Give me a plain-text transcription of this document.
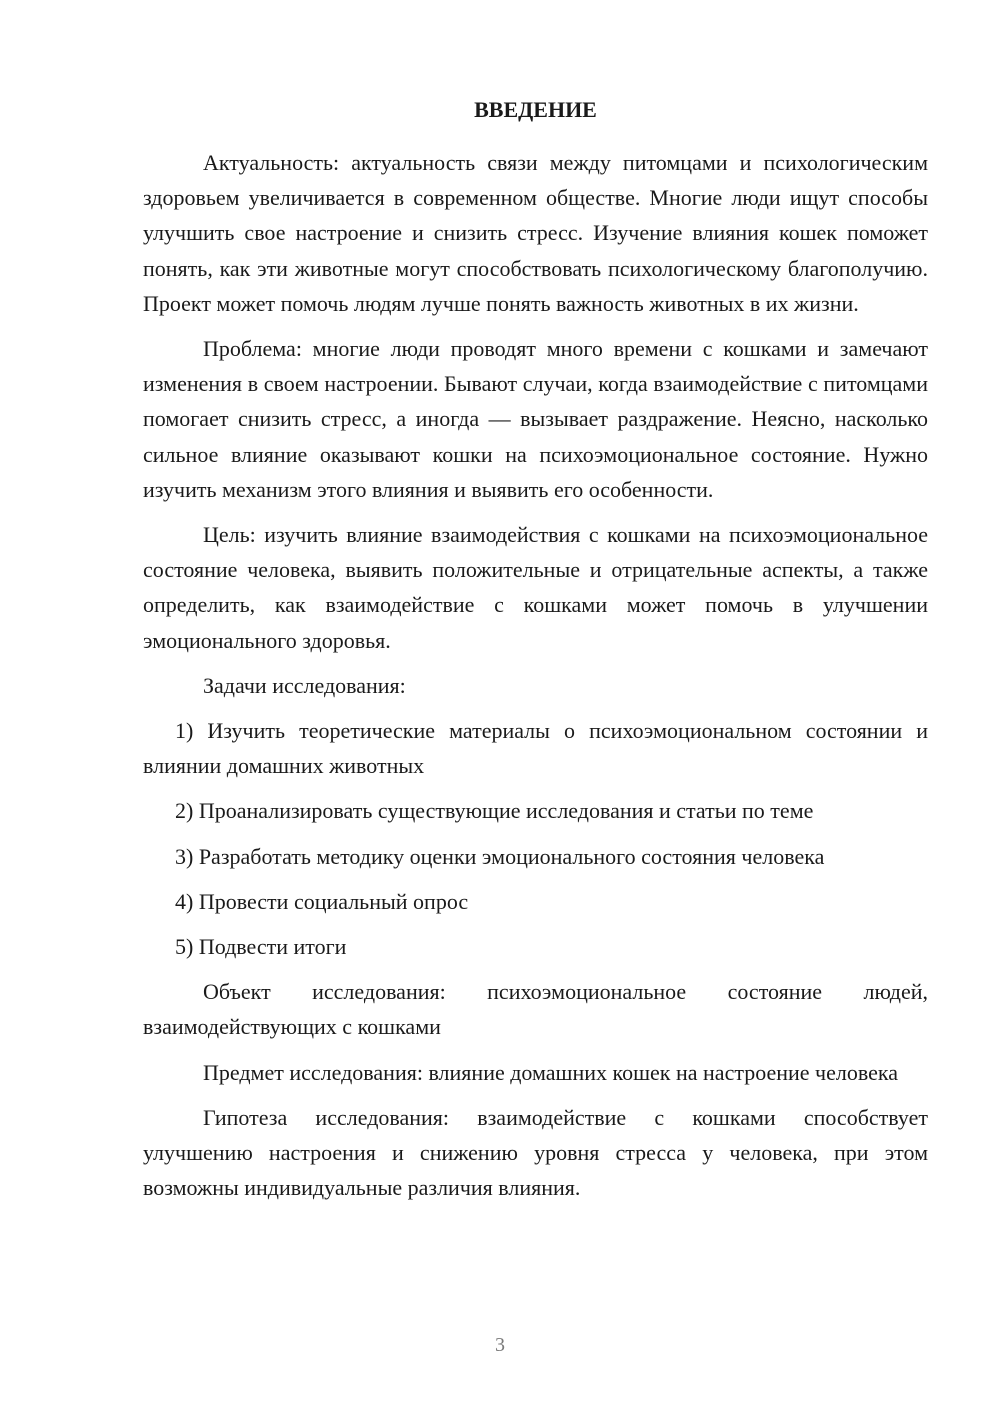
ВВЕДЕНИЕ

Актуальность: актуальность связи между питомцами и психологическим здоровьем увеличивается в современном обществе. Многие люди ищут способы улучшить свое настроение и снизить стресс. Изучение влияния кошек поможет понять, как эти животные могут способствовать психологическому благополучию. Проект может помочь людям лучше понять важность животных в их жизни.

Проблема: многие люди проводят много времени с кошками и замечают изменения в своем настроении. Бывают случаи, когда взаимодействие с питомцами помогает снизить стресс, а иногда — вызывает раздражение. Неясно, насколько сильное влияние оказывают кошки на психоэмоциональное состояние. Нужно изучить механизм этого влияния и выявить его особенности.

Цель: изучить влияние взаимодействия с кошками на психоэмоциональное состояние человека, выявить положительные и отрицательные аспекты, а также определить, как взаимодействие с кошками может помочь в улучшении эмоционального здоровья.

Задачи исследования:

1) Изучить теоретические материалы о психоэмоциональном состоянии и влиянии домашних животных

2) Проанализировать существующие исследования и статьи по теме

3) Разработать методику оценки эмоционального состояния человека

4) Провести социальный опрос

5) Подвести итоги

Объект исследования: психоэмоциональное состояние людей, взаимодействующих с кошками

Предмет исследования: влияние домашних кошек на настроение человека

Гипотеза исследования: взаимодействие с кошками способствует улучшению настроения и снижению уровня стресса у человека, при этом возможны индивидуальные различия влияния.

3
